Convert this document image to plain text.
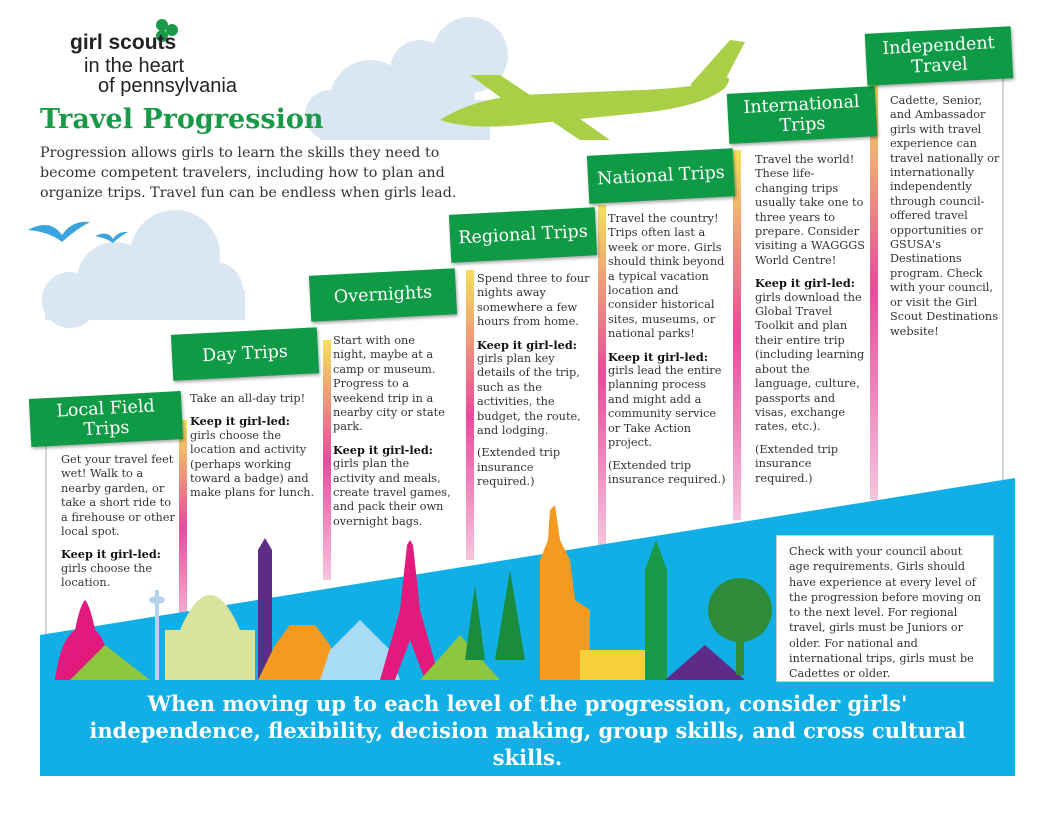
girl scouts
in the heart
of pennsylvania
Travel Progression
Progression allows girls to learn the skills they need to become competent travelers, including how to plan and organize trips. Travel fun can be endless when girls lead.
Local Field Trips

Get your travel feet wet! Walk to a nearby garden, or take a short ride to a firehouse or other local spot.

Keep it girl-led:

girls choose the location.

Day Trips

Take an all-day trip!

Keep it girl-led:

girls choose the location and activity (perhaps working toward a badge) and make plans for lunch.

Overnights

Start with one night, maybe at a camp or museum. Progress to a weekend trip in a nearby city or state park.

Keep it girl-led:

girls plan the activity and meals, create travel games, and pack their own overnight bags.

Regional Trips

Spend three to four nights away somewhere a few hours from home.

Keep it girl-led:

girls plan key details of the trip, such as the activities, the budget, the route, and lodging.

(Extended trip insurance required.)

National Trips

Travel the country! Trips often last a week or more. Girls should think beyond a typical vacation location and consider historical sites, museums, or national parks!

Keep it girl-led:

girls lead the entire planning process and might add a community service or Take Action project.

(Extended trip insurance required.)

International Trips

Travel the world! These life-changing trips usually take one to three years to prepare. Consider visiting a WAGGGS World Centre!

Keep it girl-led:

girls download the Global Travel Toolkit and plan their entire trip (including learning about the language, culture, passports and visas, exchange rates, etc.).

(Extended trip insurance required.)

Independent Travel

Cadette, Senior, and Ambassador girls with travel experience can travel nationally or internationally independently through council-offered travel opportunities or GSUSA's Destinations program. Check with your council, or visit the Girl Scout Destinations website!

Check with your council about age requirements. Girls should have experience at every level of the progression before moving on to the next level. For regional travel, girls must be Juniors or older. For national and international trips, girls must be Cadettes or older.
When moving up to each level of the progression, consider girls' independence, flexibility, decision making, group skills, and cross cultural skills.
